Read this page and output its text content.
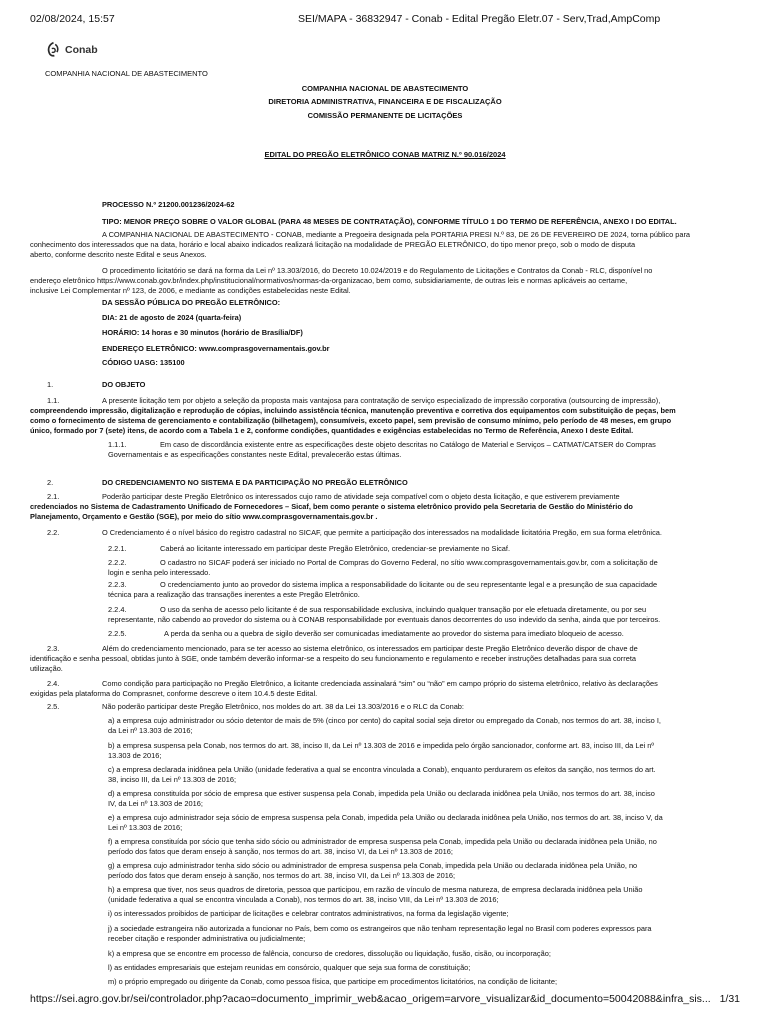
02/08/2024, 15:57	SEI/MAPA - 36832947 - Conab - Edital Pregão Eletr.07 - Serv,Trad,AmpComp
Conab
COMPANHIA NACIONAL DE ABASTECIMENTO
COMPANHIA NACIONAL DE ABASTECIMENTO
DIRETORIA ADMINISTRATIVA, FINANCEIRA E DE FISCALIZAÇÃO
COMISSÃO PERMANENTE DE LICITAÇÕES
EDITAL DO PREGÃO ELETRÔNICO CONAB MATRIZ N.º 90.016/2024
PROCESSO N.º 21200.001236/2024-62
TIPO: MENOR PREÇO SOBRE O VALOR GLOBAL (PARA 48 MESES DE CONTRATAÇÃO), CONFORME TÍTULO 1 DO TERMO DE REFERÊNCIA, ANEXO I DO EDITAL.
A COMPANHIA NACIONAL DE ABASTECIMENTO - CONAB, mediante a Pregoeira designada pela PORTARIA PRESI N.º 83, DE 26 DE FEVEREIRO DE 2024, torna público para
conhecimento dos interessados que na data, horário e local abaixo indicados realizará licitação na modalidade de PREGÃO ELETRÔNICO, do tipo menor preço, sob o modo de disputa
aberto, conforme descrito neste Edital e seus Anexos.
O procedimento licitatório se dará na forma da Lei nº 13.303/2016, do Decreto 10.024/2019 e do Regulamento de Licitações e Contratos da Conab - RLC, disponível no
endereço eletrônico https://www.conab.gov.br/index.php/institucional/normativos/normas-da-organizacao, bem como, subsidiariamente, de outras leis e normas aplicáveis ao certame,
inclusive Lei Complementar nº 123, de 2006, e mediante as condições estabelecidas neste Edital.
DA SESSÃO PÚBLICA DO PREGÃO ELETRÔNICO:
DIA: 21 de agosto de 2024 (quarta-feira)
HORÁRIO: 14 horas e 30 minutos (horário de Brasília/DF)
ENDEREÇO ELETRÔNICO: www.comprasgovernamentais.gov.br
CÓDIGO UASG: 135100
1.	DO OBJETO
1.1.	A presente licitação tem por objeto a seleção da proposta mais vantajosa para contratação de serviço especializado de impressão corporativa (outsourcing de impressão),
compreendendo impressão, digitalização e reprodução de cópias, incluindo assistência técnica, manutenção preventiva e corretiva dos equipamentos com substituição de peças, bem
como o fornecimento de sistema de gerenciamento e contabilização (bilhetagem), consumíveis, exceto papel, sem previsão de consumo mínimo, pelo período de 48 meses, em grupo
único, formado por 7 (sete) itens, de acordo com a Tabela 1 e 2, conforme condições, quantidades e exigências estabelecidas no Termo de Referência, Anexo I deste Edital.
1.1.1.	Em caso de discordância existente entre as especificações deste objeto descritas no Catálogo de Material e Serviços – CATMAT/CATSER do Compras
Governamentais e as especificações constantes neste Edital, prevalecerão estas últimas.
2.	DO CREDENCIAMENTO NO SISTEMA E DA PARTICIPAÇÃO NO PREGÃO ELETRÔNICO
2.1.	Poderão participar deste Pregão Eletrônico os interessados cujo ramo de atividade seja compatível com o objeto desta licitação, e que estiverem previamente
credenciados no Sistema de Cadastramento Unificado de Fornecedores – Sicaf, bem como perante o sistema eletrônico provido pela Secretaria de Gestão do Ministério do
Planejamento, Orçamento e Gestão (SGE), por meio do sítio www.comprasgovernamentais.gov.br .
2.2.	O Credenciamento é o nível básico do registro cadastral no SICAF, que permite a participação dos interessados na modalidade licitatória Pregão, em sua forma eletrônica.
2.2.1.	Caberá ao licitante interessado em participar deste Pregão Eletrônico, credenciar-se previamente no Sicaf.
2.2.2.	O cadastro no SICAF poderá ser iniciado no Portal de Compras do Governo Federal, no sítio www.comprasgovernamentais.gov.br, com a solicitação de
login e senha pelo interessado.
2.2.3.	O credenciamento junto ao provedor do sistema implica a responsabilidade do licitante ou de seu representante legal e a presunção de sua capacidade
técnica para a realização das transações inerentes a este Pregão Eletrônico.
2.2.4.	O uso da senha de acesso pelo licitante é de sua responsabilidade exclusiva, incluindo qualquer transação por ele efetuada diretamente, ou por seu
representante, não cabendo ao provedor do sistema ou à CONAB responsabilidade por eventuais danos decorrentes do uso indevido da senha, ainda que por terceiros.
2.2.5.	A perda da senha ou a quebra de sigilo deverão ser comunicadas imediatamente ao provedor do sistema para imediato bloqueio de acesso.
2.3.	Além do credenciamento mencionado, para se ter acesso ao sistema eletrônico, os interessados em participar deste Pregão Eletrônico deverão dispor de chave de
identificação e senha pessoal, obtidas junto à SGE, onde também deverão informar-se a respeito do seu funcionamento e regulamento e receber instruções detalhadas para sua correta
utilização.
2.4.	Como condição para participação no Pregão Eletrônico, a licitante credenciada assinalará “sim” ou “não” em campo próprio do sistema eletrônico, relativo às declarações
exigidas pela plataforma do Comprasnet, conforme descreve o item 10.4.5 deste Edital.
2.5.	Não poderão participar deste Pregão Eletrônico, nos moldes do art. 38 da Lei 13.303/2016 e o RLC da Conab:
a) a empresa cujo administrador ou sócio detentor de mais de 5% (cinco por cento) do capital social seja diretor ou empregado da Conab, nos termos do art. 38, inciso I,
da Lei nº 13.303 de 2016;
b) a empresa suspensa pela Conab, nos termos do art. 38, inciso II, da Lei nº 13.303 de 2016 e impedida pelo órgão sancionador, conforme art. 83, inciso III, da Lei nº
13.303 de 2016;
c) a empresa declarada inidônea pela União (unidade federativa a qual se encontra vinculada a Conab), enquanto perdurarem os efeitos da sanção, nos termos do art.
38, inciso III, da Lei nº 13.303 de 2016;
d) a empresa constituída por sócio de empresa que estiver suspensa pela Conab, impedida pela União ou declarada inidônea pela União, nos termos do art. 38, inciso
IV, da Lei nº 13.303 de 2016;
e) a empresa cujo administrador seja sócio de empresa suspensa pela Conab, impedida pela União ou declarada inidônea pela União, nos termos do art. 38, inciso V, da
Lei nº 13.303 de 2016;
f) a empresa constituída por sócio que tenha sido sócio ou administrador de empresa suspensa pela Conab, impedida pela União ou declarada inidônea pela União, no
período dos fatos que deram ensejo à sanção, nos termos do art. 38, inciso VI, da Lei nº 13.303 de 2016;
g) a empresa cujo administrador tenha sido sócio ou administrador de empresa suspensa pela Conab, impedida pela União ou declarada inidônea pela União, no
período dos fatos que deram ensejo à sanção, nos termos do art. 38, inciso VII, da Lei nº 13.303 de 2016;
h) a empresa que tiver, nos seus quadros de diretoria, pessoa que participou, em razão de vínculo de mesma natureza, de empresa declarada inidônea pela União
(unidade federativa a qual se encontra vinculada a Conab), nos termos do art. 38, inciso VIII, da Lei nº 13.303 de 2016;
i) os interessados proibidos de participar de licitações e celebrar contratos administrativos, na forma da legislação vigente;
j) a sociedade estrangeira não autorizada a funcionar no País, bem como os estrangeiros que não tenham representação legal no Brasil com poderes expressos para
receber citação e responder administrativa ou judicialmente;
k) a empresa que se encontre em processo de falência, concurso de credores, dissolução ou liquidação, fusão, cisão, ou incorporação;
l) as entidades empresariais que estejam reunidas em consórcio, qualquer que seja sua forma de constituição;
m) o próprio empregado ou dirigente da Conab, como pessoa física, que participe em procedimentos licitatórios, na condição de licitante;
https://sei.agro.gov.br/sei/controlador.php?acao=documento_imprimir_web&acao_origem=arvore_visualizar&id_documento=50042088&infra_sis... 1/31
